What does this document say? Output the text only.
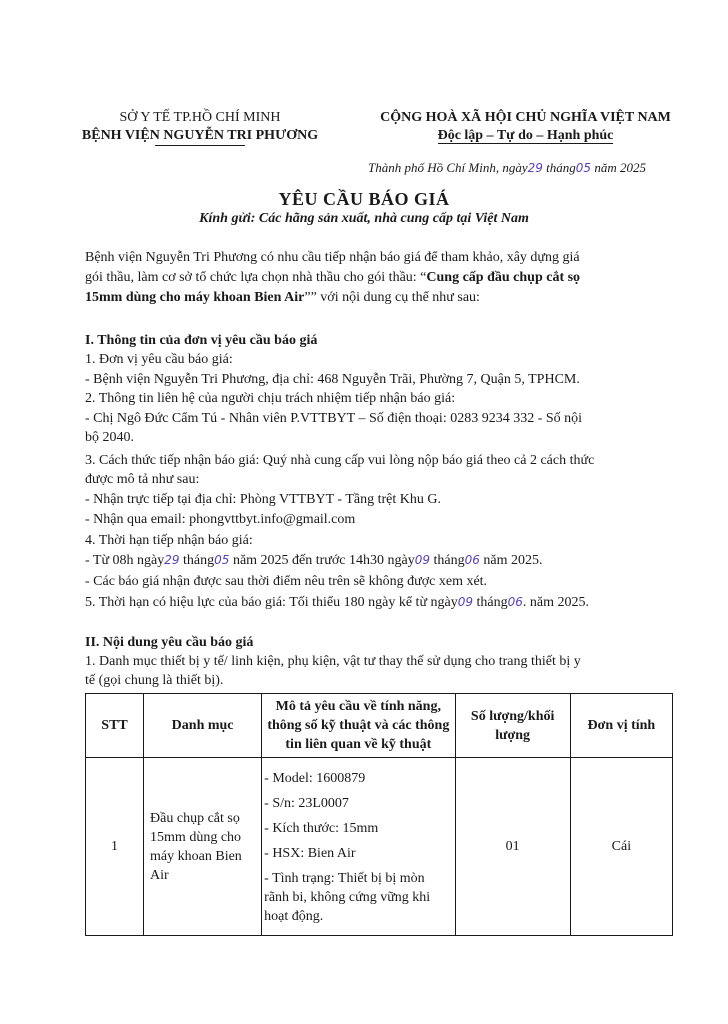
SỞ Y TẾ TP.HỒ CHÍ MINH
BỆNH VIỆN NGUYỄN TRI PHƯƠNG
CỘNG HOÀ XÃ HỘI CHỦ NGHĨA VIỆT NAM
Độc lập – Tự do – Hạnh phúc
Thành phố Hồ Chí Minh, ngày29 tháng05 năm 2025
YÊU CẦU BÁO GIÁ
Kính gửi: Các hãng sản xuất, nhà cung cấp tại Việt Nam
Bệnh viện Nguyễn Tri Phương có nhu cầu tiếp nhận báo giá để tham khảo, xây dựng giá
gói thầu, làm cơ sở tổ chức lựa chọn nhà thầu cho gói thầu: “Cung cấp đầu chụp cắt sọ
15mm dùng cho máy khoan Bien Air”” với nội dung cụ thể như sau:
I. Thông tin của đơn vị yêu cầu báo giá
1. Đơn vị yêu cầu báo giá:
- Bệnh viện Nguyễn Tri Phương, địa chỉ: 468 Nguyễn Trãi, Phường 7, Quận 5, TPHCM.
2. Thông tin liên hệ của người chịu trách nhiệm tiếp nhận báo giá:
- Chị Ngô Đức Cẩm Tú - Nhân viên P.VTTBYT – Số điện thoại: 0283 9234 332 - Số nội
bộ 2040.
3. Cách thức tiếp nhận báo giá: Quý nhà cung cấp vui lòng nộp báo giá theo cả 2 cách thức
được mô tả như sau:
- Nhận trực tiếp tại địa chỉ: Phòng VTTBYT - Tầng trệt Khu G.
- Nhận qua email: phongvttbyt.info@gmail.com
4. Thời hạn tiếp nhận báo giá:
- Từ 08h ngày29 tháng05 năm 2025 đến trước 14h30 ngày09 tháng06 năm 2025.
- Các báo giá nhận được sau thời điểm nêu trên sẽ không được xem xét.
5. Thời hạn có hiệu lực của báo giá: Tối thiểu 180 ngày kể từ ngày09 tháng06. năm 2025.
II. Nội dung yêu cầu báo giá
1. Danh mục thiết bị y tế/ linh kiện, phụ kiện, vật tư thay thế sử dụng cho trang thiết bị y
tế (gọi chung là thiết bị).
STT	Danh mục	Mô tả yêu cầu về tính năng, thông số kỹ thuật và các thông tin liên quan về kỹ thuật	Số lượng/khối lượng	Đơn vị tính
1	Đầu chụp cắt sọ 15mm dùng cho máy khoan Bien Air	- Model: 1600879
- S/n: 23L0007
- Kích thước: 15mm
- HSX: Bien Air
- Tình trạng: Thiết bị bị mòn rãnh bi, không cứng vững khi hoạt động.	01	Cái
